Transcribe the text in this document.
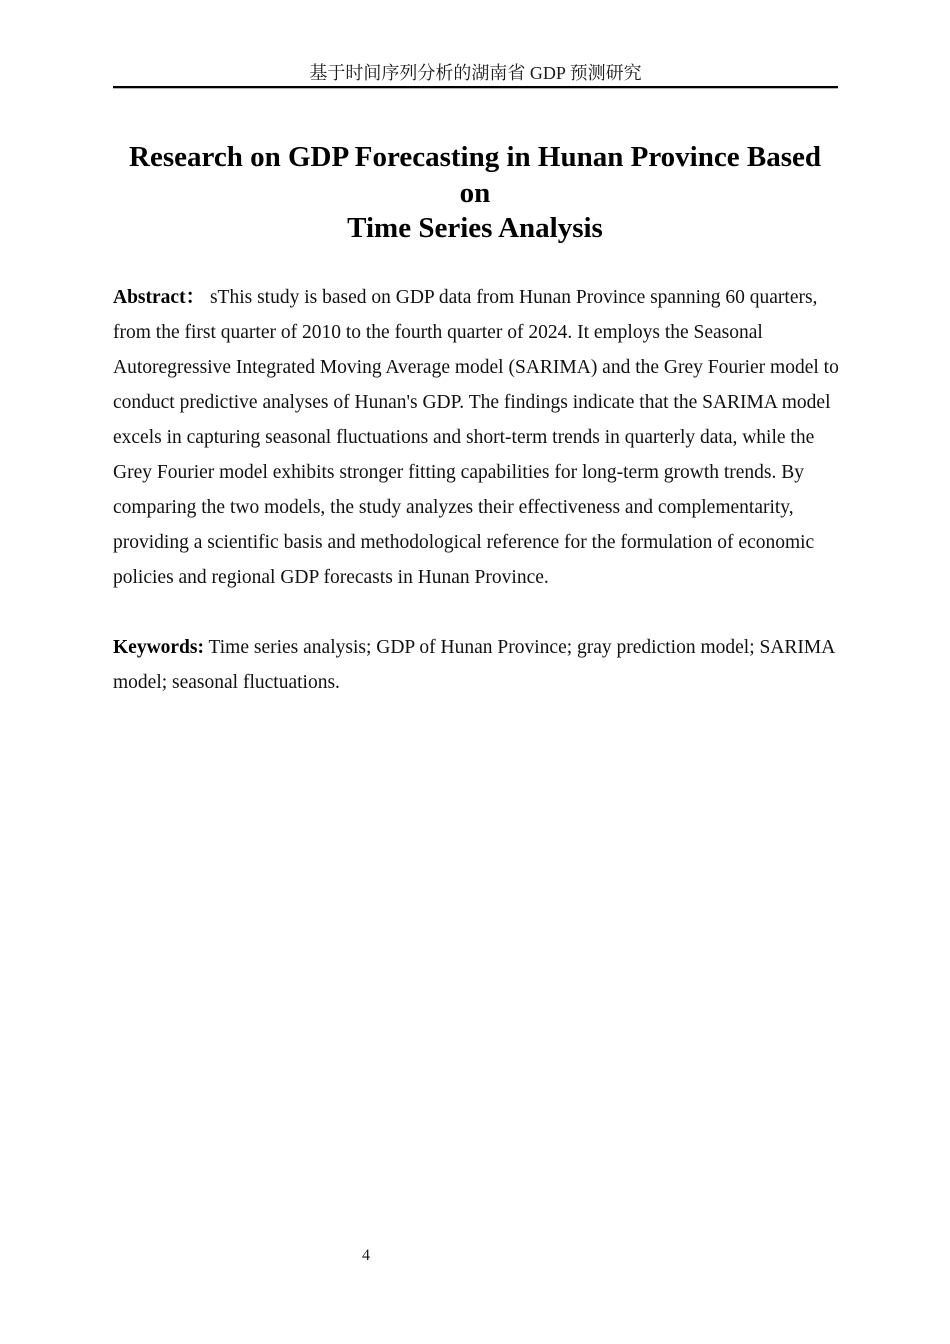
基于时间序列分析的湖南省 GDP 预测研究
Research on GDP Forecasting in Hunan Province Based
on
Time Series Analysis
Abstract： sThis study is based on GDP data from Hunan Province spanning 60 quarters,
from the first quarter of 2010 to the fourth quarter of 2024. It employs the Seasonal
Autoregressive Integrated Moving Average model (SARIMA) and the Grey Fourier model to
conduct predictive analyses of Hunan's GDP. The findings indicate that the SARIMA model
excels in capturing seasonal fluctuations and short-term trends in quarterly data, while the
Grey Fourier model exhibits stronger fitting capabilities for long-term growth trends. By
comparing the two models, the study analyzes their effectiveness and complementarity,
providing a scientific basis and methodological reference for the formulation of economic
policies and regional GDP forecasts in Hunan Province.
Keywords: Time series analysis; GDP of Hunan Province; gray prediction model; SARIMA
model; seasonal fluctuations.
4
